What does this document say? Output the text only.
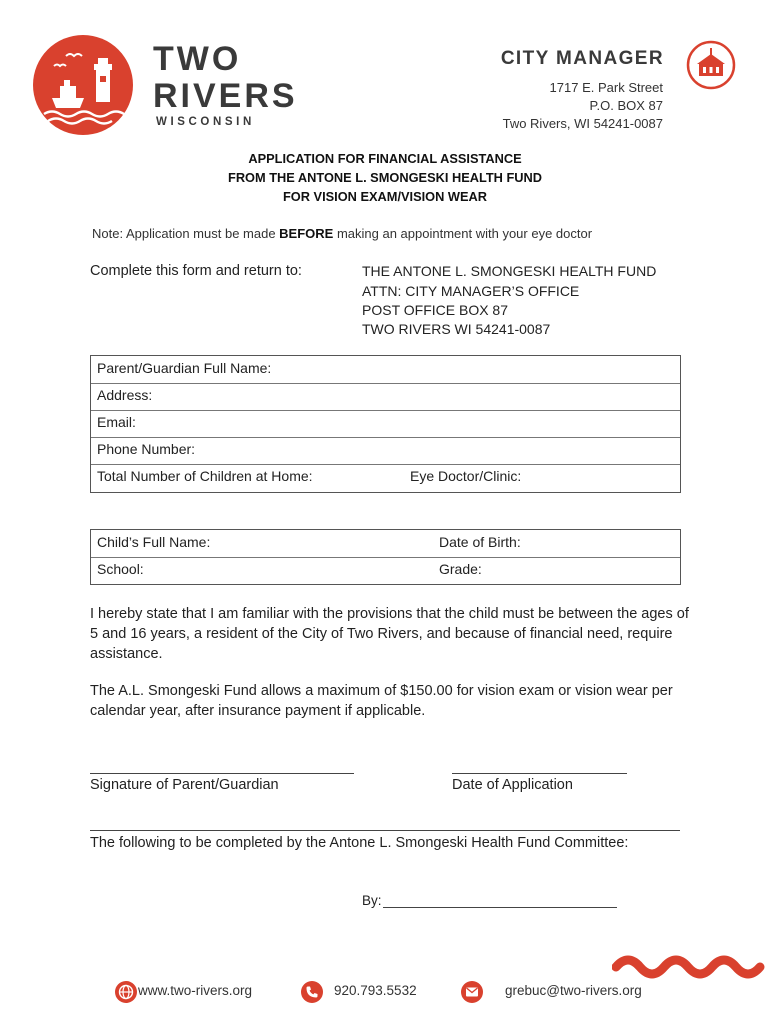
TWO
RIVERS
WISCONSIN
CITY MANAGER
1717 E. Park Street
P.O. BOX 87
Two Rivers, WI 54241-0087
APPLICATION FOR FINANCIAL ASSISTANCE
FROM THE ANTONE L. SMONGESKI HEALTH FUND
FOR VISION EXAM/VISION WEAR
Note: Application must be made BEFORE making an appointment with your eye doctor
Complete this form and return to:	THE ANTONE L. SMONGESKI HEALTH FUND
ATTN: CITY MANAGER’S OFFICE
POST OFFICE BOX 87
TWO RIVERS WI 54241-0087
Parent/Guardian Full Name:
Address:
Email:
Phone Number:
Total Number of Children at Home:	Eye Doctor/Clinic:
Child’s Full Name:	Date of Birth:
School:	Grade:
I hereby state that I am familiar with the provisions that the child must be between the ages of 5 and 16 years, a resident of the City of Two Rivers, and because of financial need, require assistance.
The A.L. Smongeski Fund allows a maximum of $150.00 for vision exam or vision wear per calendar year, after insurance payment if applicable.
Signature of Parent/Guardian	Date of Application
The following to be completed by the Antone L. Smongeski Health Fund Committee:
By:
www.two-rivers.org	920.793.5532	grebuc@two-rivers.org
